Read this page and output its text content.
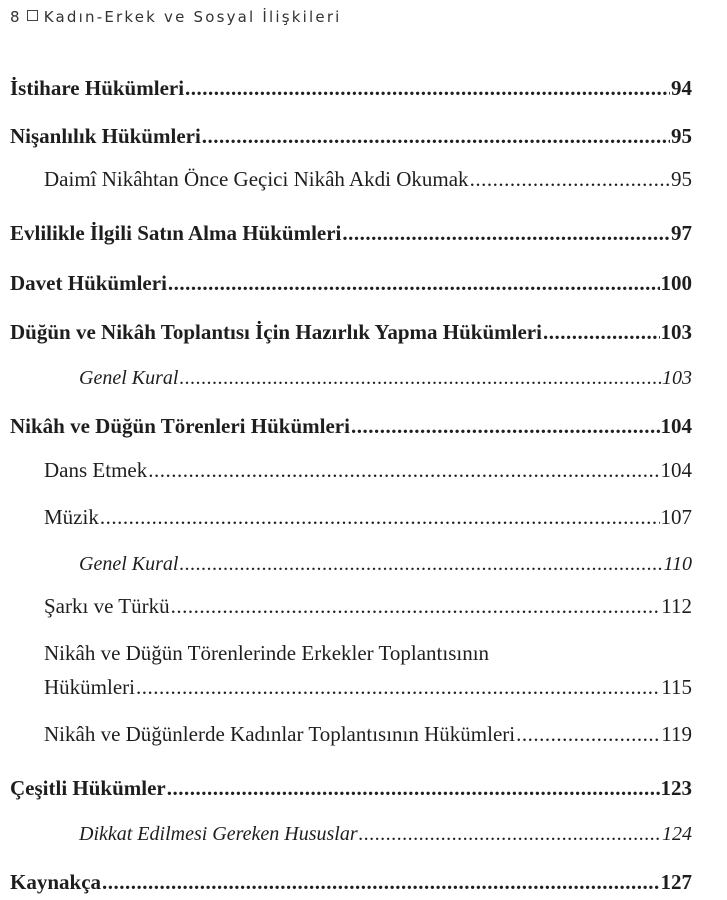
8 Kadın-Erkek ve Sosyal İlişkileri
İstihare Hükümleri .....	94
Nişanlılık Hükümleri .....	95
Daimî Nikâhtan Önce Geçici Nikâh Akdi Okumak .....	95
Evlilikle İlgili Satın Alma Hükümleri .....	97
Davet Hükümleri .....	100
Düğün ve Nikâh Toplantısı İçin Hazırlık Yapma Hükümleri .....	103
Genel Kural .....	103
Nikâh ve Düğün Törenleri Hükümleri .....	104
Dans Etmek .....	104
Müzik .....	107
Genel Kural .....	110
Şarkı ve Türkü .....	112
Nikâh ve Düğün Törenlerinde Erkekler Toplantısının
Hükümleri .....	115
Nikâh ve Düğünlerde Kadınlar Toplantısının Hükümleri .....	119
Çeşitli Hükümler .....	123
Dikkat Edilmesi Gereken Hususlar .....	124
Kaynakça .....	127
